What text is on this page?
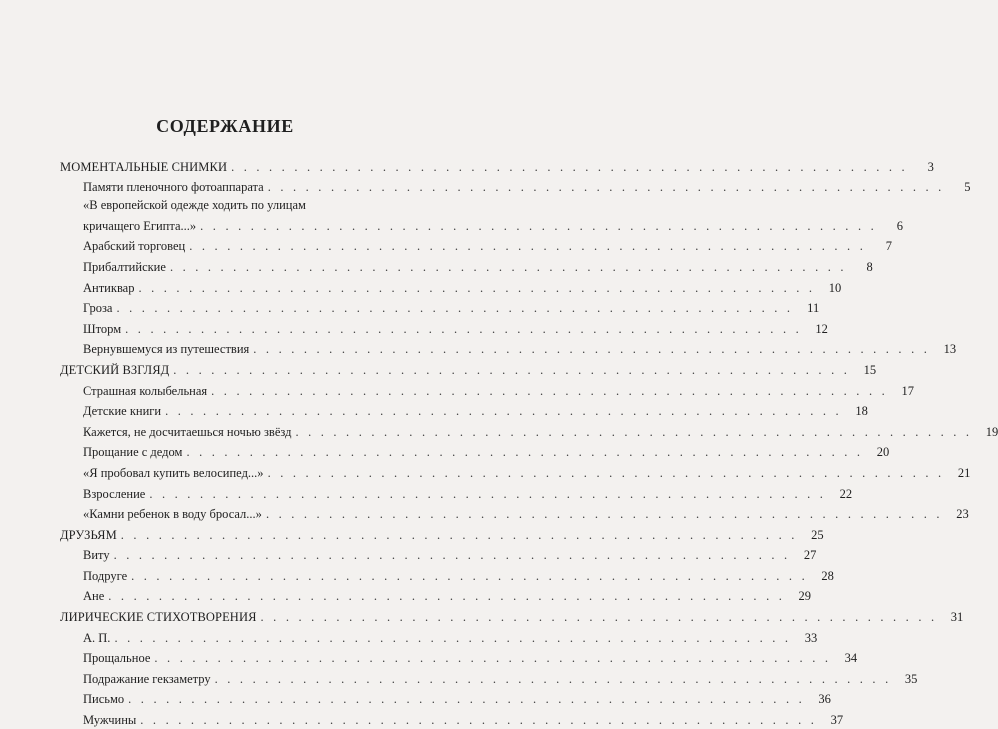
СОДЕРЖАНИЕ
МОМЕНТАЛЬНЫЕ СНИМКИ . . . . . . . . . . . . . . . . . . . . . . . . . . . . . . . . . . . . . . . . . . . . . . . . . . . . . .	3
Памяти пленочного фотоаппарата . . . . . . . . . . . . . . . . . . . . . . . . . . . . . . . . . . . . . . . . . . . . . . . . . . . . . .	5
«В европейской одежде ходить по улицам
кричащего Египта...» . . . . . . . . . . . . . . . . . . . . . . . . . . . . . . . . . . . . . . . . . . . . . . . . . . . . . .	6
Арабский торговец . . . . . . . . . . . . . . . . . . . . . . . . . . . . . . . . . . . . . . . . . . . . . . . . . . . . . .	7
Прибалтийские . . . . . . . . . . . . . . . . . . . . . . . . . . . . . . . . . . . . . . . . . . . . . . . . . . . . . .	8
Антиквар . . . . . . . . . . . . . . . . . . . . . . . . . . . . . . . . . . . . . . . . . . . . . . . . . . . . . .	10
Гроза . . . . . . . . . . . . . . . . . . . . . . . . . . . . . . . . . . . . . . . . . . . . . . . . . . . . . .	11
Шторм . . . . . . . . . . . . . . . . . . . . . . . . . . . . . . . . . . . . . . . . . . . . . . . . . . . . . .	12
Вернувшемуся из путешествия . . . . . . . . . . . . . . . . . . . . . . . . . . . . . . . . . . . . . . . . . . . . . . . . . . . . . .	13
ДЕТСКИЙ ВЗГЛЯД . . . . . . . . . . . . . . . . . . . . . . . . . . . . . . . . . . . . . . . . . . . . . . . . . . . . . .	15
Страшная колыбельная . . . . . . . . . . . . . . . . . . . . . . . . . . . . . . . . . . . . . . . . . . . . . . . . . . . . . .	17
Детские книги . . . . . . . . . . . . . . . . . . . . . . . . . . . . . . . . . . . . . . . . . . . . . . . . . . . . . .	18
Кажется, не досчитаешься ночью звёзд . . . . . . . . . . . . . . . . . . . . . . . . . . . . . . . . . . . . . . . . . . . . . . . . . . . . . .	19
Прощание с дедом . . . . . . . . . . . . . . . . . . . . . . . . . . . . . . . . . . . . . . . . . . . . . . . . . . . . . .	20
«Я пробовал купить велосипед...» . . . . . . . . . . . . . . . . . . . . . . . . . . . . . . . . . . . . . . . . . . . . . . . . . . . . . .	21
Взросление . . . . . . . . . . . . . . . . . . . . . . . . . . . . . . . . . . . . . . . . . . . . . . . . . . . . . .	22
«Камни ребенок в воду бросал...» . . . . . . . . . . . . . . . . . . . . . . . . . . . . . . . . . . . . . . . . . . . . . . . . . . . . . .	23
ДРУЗЬЯМ . . . . . . . . . . . . . . . . . . . . . . . . . . . . . . . . . . . . . . . . . . . . . . . . . . . . . .	25
Виту . . . . . . . . . . . . . . . . . . . . . . . . . . . . . . . . . . . . . . . . . . . . . . . . . . . . . .	27
Подруге . . . . . . . . . . . . . . . . . . . . . . . . . . . . . . . . . . . . . . . . . . . . . . . . . . . . . .	28
Ане . . . . . . . . . . . . . . . . . . . . . . . . . . . . . . . . . . . . . . . . . . . . . . . . . . . . . .	29
ЛИРИЧЕСКИЕ СТИХОТВОРЕНИЯ . . . . . . . . . . . . . . . . . . . . . . . . . . . . . . . . . . . . . . . . . . . . . . . . . . . . . .	31
А. П. . . . . . . . . . . . . . . . . . . . . . . . . . . . . . . . . . . . . . . . . . . . . . . . . . . . . . .	33
Прощальное . . . . . . . . . . . . . . . . . . . . . . . . . . . . . . . . . . . . . . . . . . . . . . . . . . . . . .	34
Подражание гекзаметру . . . . . . . . . . . . . . . . . . . . . . . . . . . . . . . . . . . . . . . . . . . . . . . . . . . . . .	35
Письмо . . . . . . . . . . . . . . . . . . . . . . . . . . . . . . . . . . . . . . . . . . . . . . . . . . . . . .	36
Мужчины . . . . . . . . . . . . . . . . . . . . . . . . . . . . . . . . . . . . . . . . . . . . . . . . . . . . . .	37
